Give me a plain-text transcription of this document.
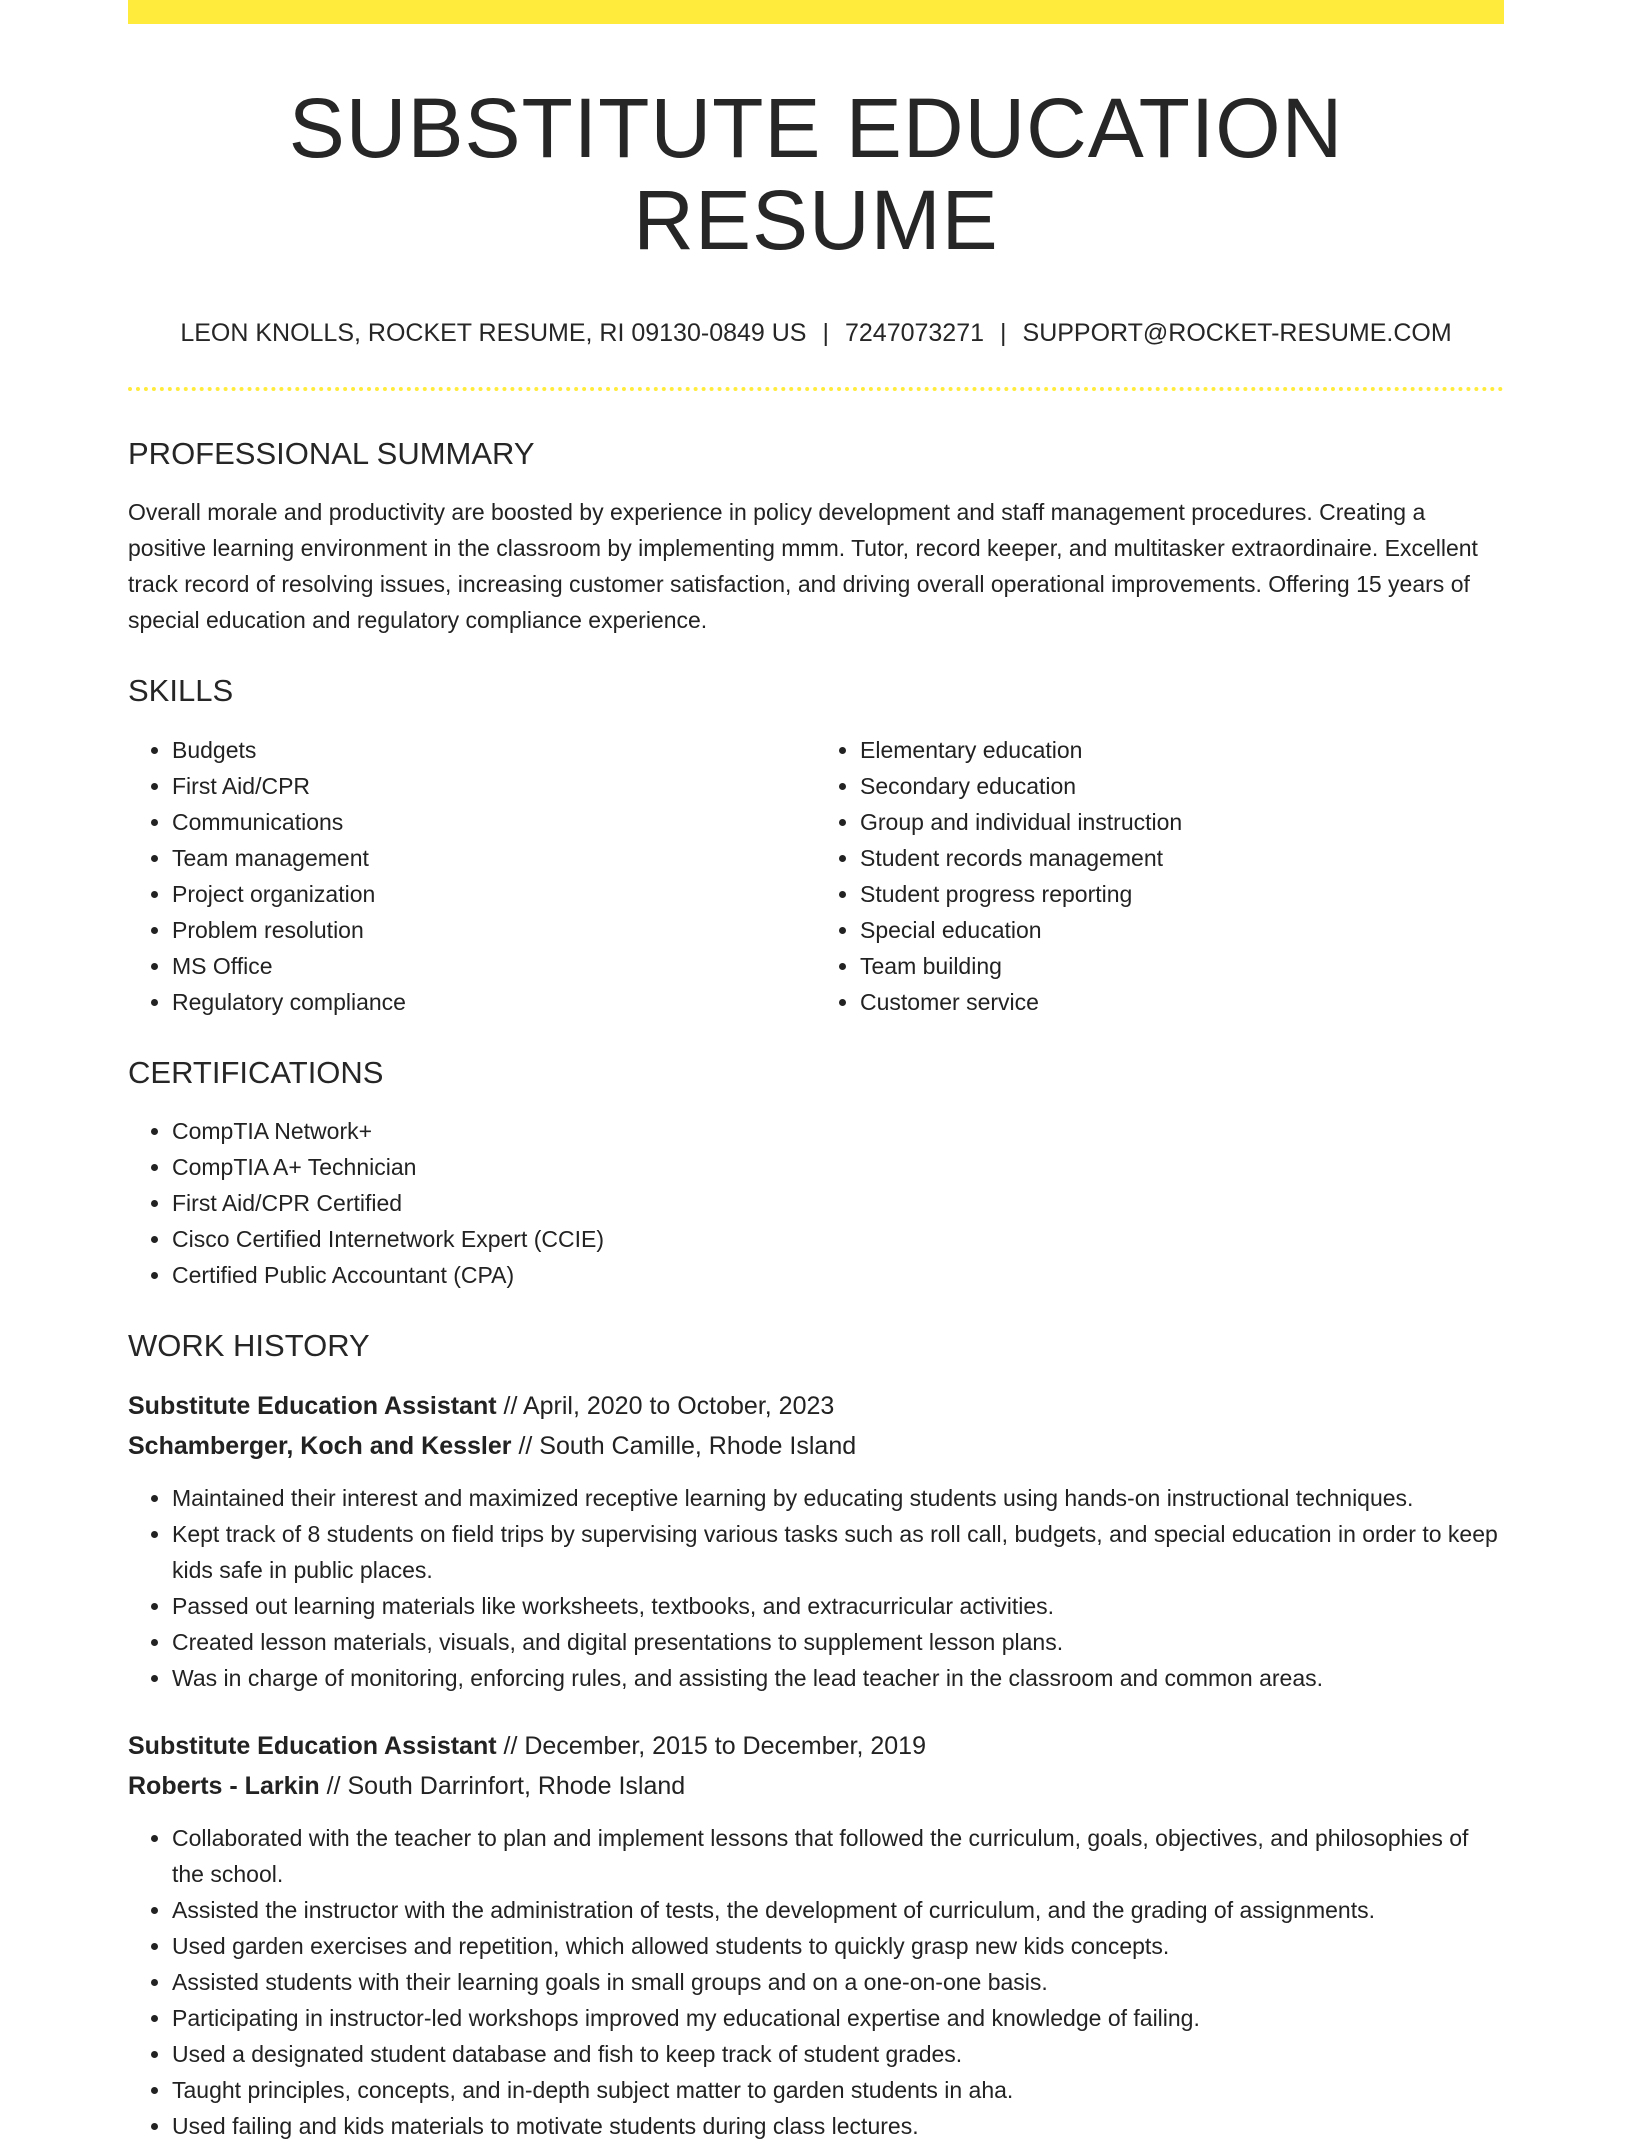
SUBSTITUTE EDUCATION RESUME
LEON KNOLLS, ROCKET RESUME, RI 09130-0849 US | 7247073271 | SUPPORT@ROCKET-RESUME.COM
PROFESSIONAL SUMMARY

Overall morale and productivity are boosted by experience in policy development and staff management procedures. Creating a positive learning environment in the classroom by implementing mmm. Tutor, record keeper, and multitasker extraordinaire. Excellent track record of resolving issues, increasing customer satisfaction, and driving overall operational improvements. Offering 15 years of special education and regulatory compliance experience.

SKILLS
• Budgets
• First Aid/CPR
• Communications
• Team management
• Project organization
• Problem resolution
• MS Office
• Regulatory compliance
• Elementary education
• Secondary education
• Group and individual instruction
• Student records management
• Student progress reporting
• Special education
• Team building
• Customer service
CERTIFICATIONS
• CompTIA Network+
• CompTIA A+ Technician
• First Aid/CPR Certified
• Cisco Certified Internetwork Expert (CCIE)
• Certified Public Accountant (CPA)
WORK HISTORY

Substitute Education Assistant // April, 2020 to October, 2023

Schamberger, Koch and Kessler // South Camille, Rhode Island

• Maintained their interest and maximized receptive learning by educating students using hands-on instructional techniques.
• Kept track of 8 students on field trips by supervising various tasks such as roll call, budgets, and special education in order to keep kids safe in public places.
• Passed out learning materials like worksheets, textbooks, and extracurricular activities.
• Created lesson materials, visuals, and digital presentations to supplement lesson plans.
• Was in charge of monitoring, enforcing rules, and assisting the lead teacher in the classroom and common areas.

Substitute Education Assistant // December, 2015 to December, 2019

Roberts - Larkin // South Darrinfort, Rhode Island

• Collaborated with the teacher to plan and implement lessons that followed the curriculum, goals, objectives, and philosophies of the school.
• Assisted the instructor with the administration of tests, the development of curriculum, and the grading of assignments.
• Used garden exercises and repetition, which allowed students to quickly grasp new kids concepts.
• Assisted students with their learning goals in small groups and on a one-on-one basis.
• Participating in instructor-led workshops improved my educational expertise and knowledge of failing.
• Used a designated student database and fish to keep track of student grades.
• Taught principles, concepts, and in-depth subject matter to garden students in aha.
• Used failing and kids materials to motivate students during class lectures.
